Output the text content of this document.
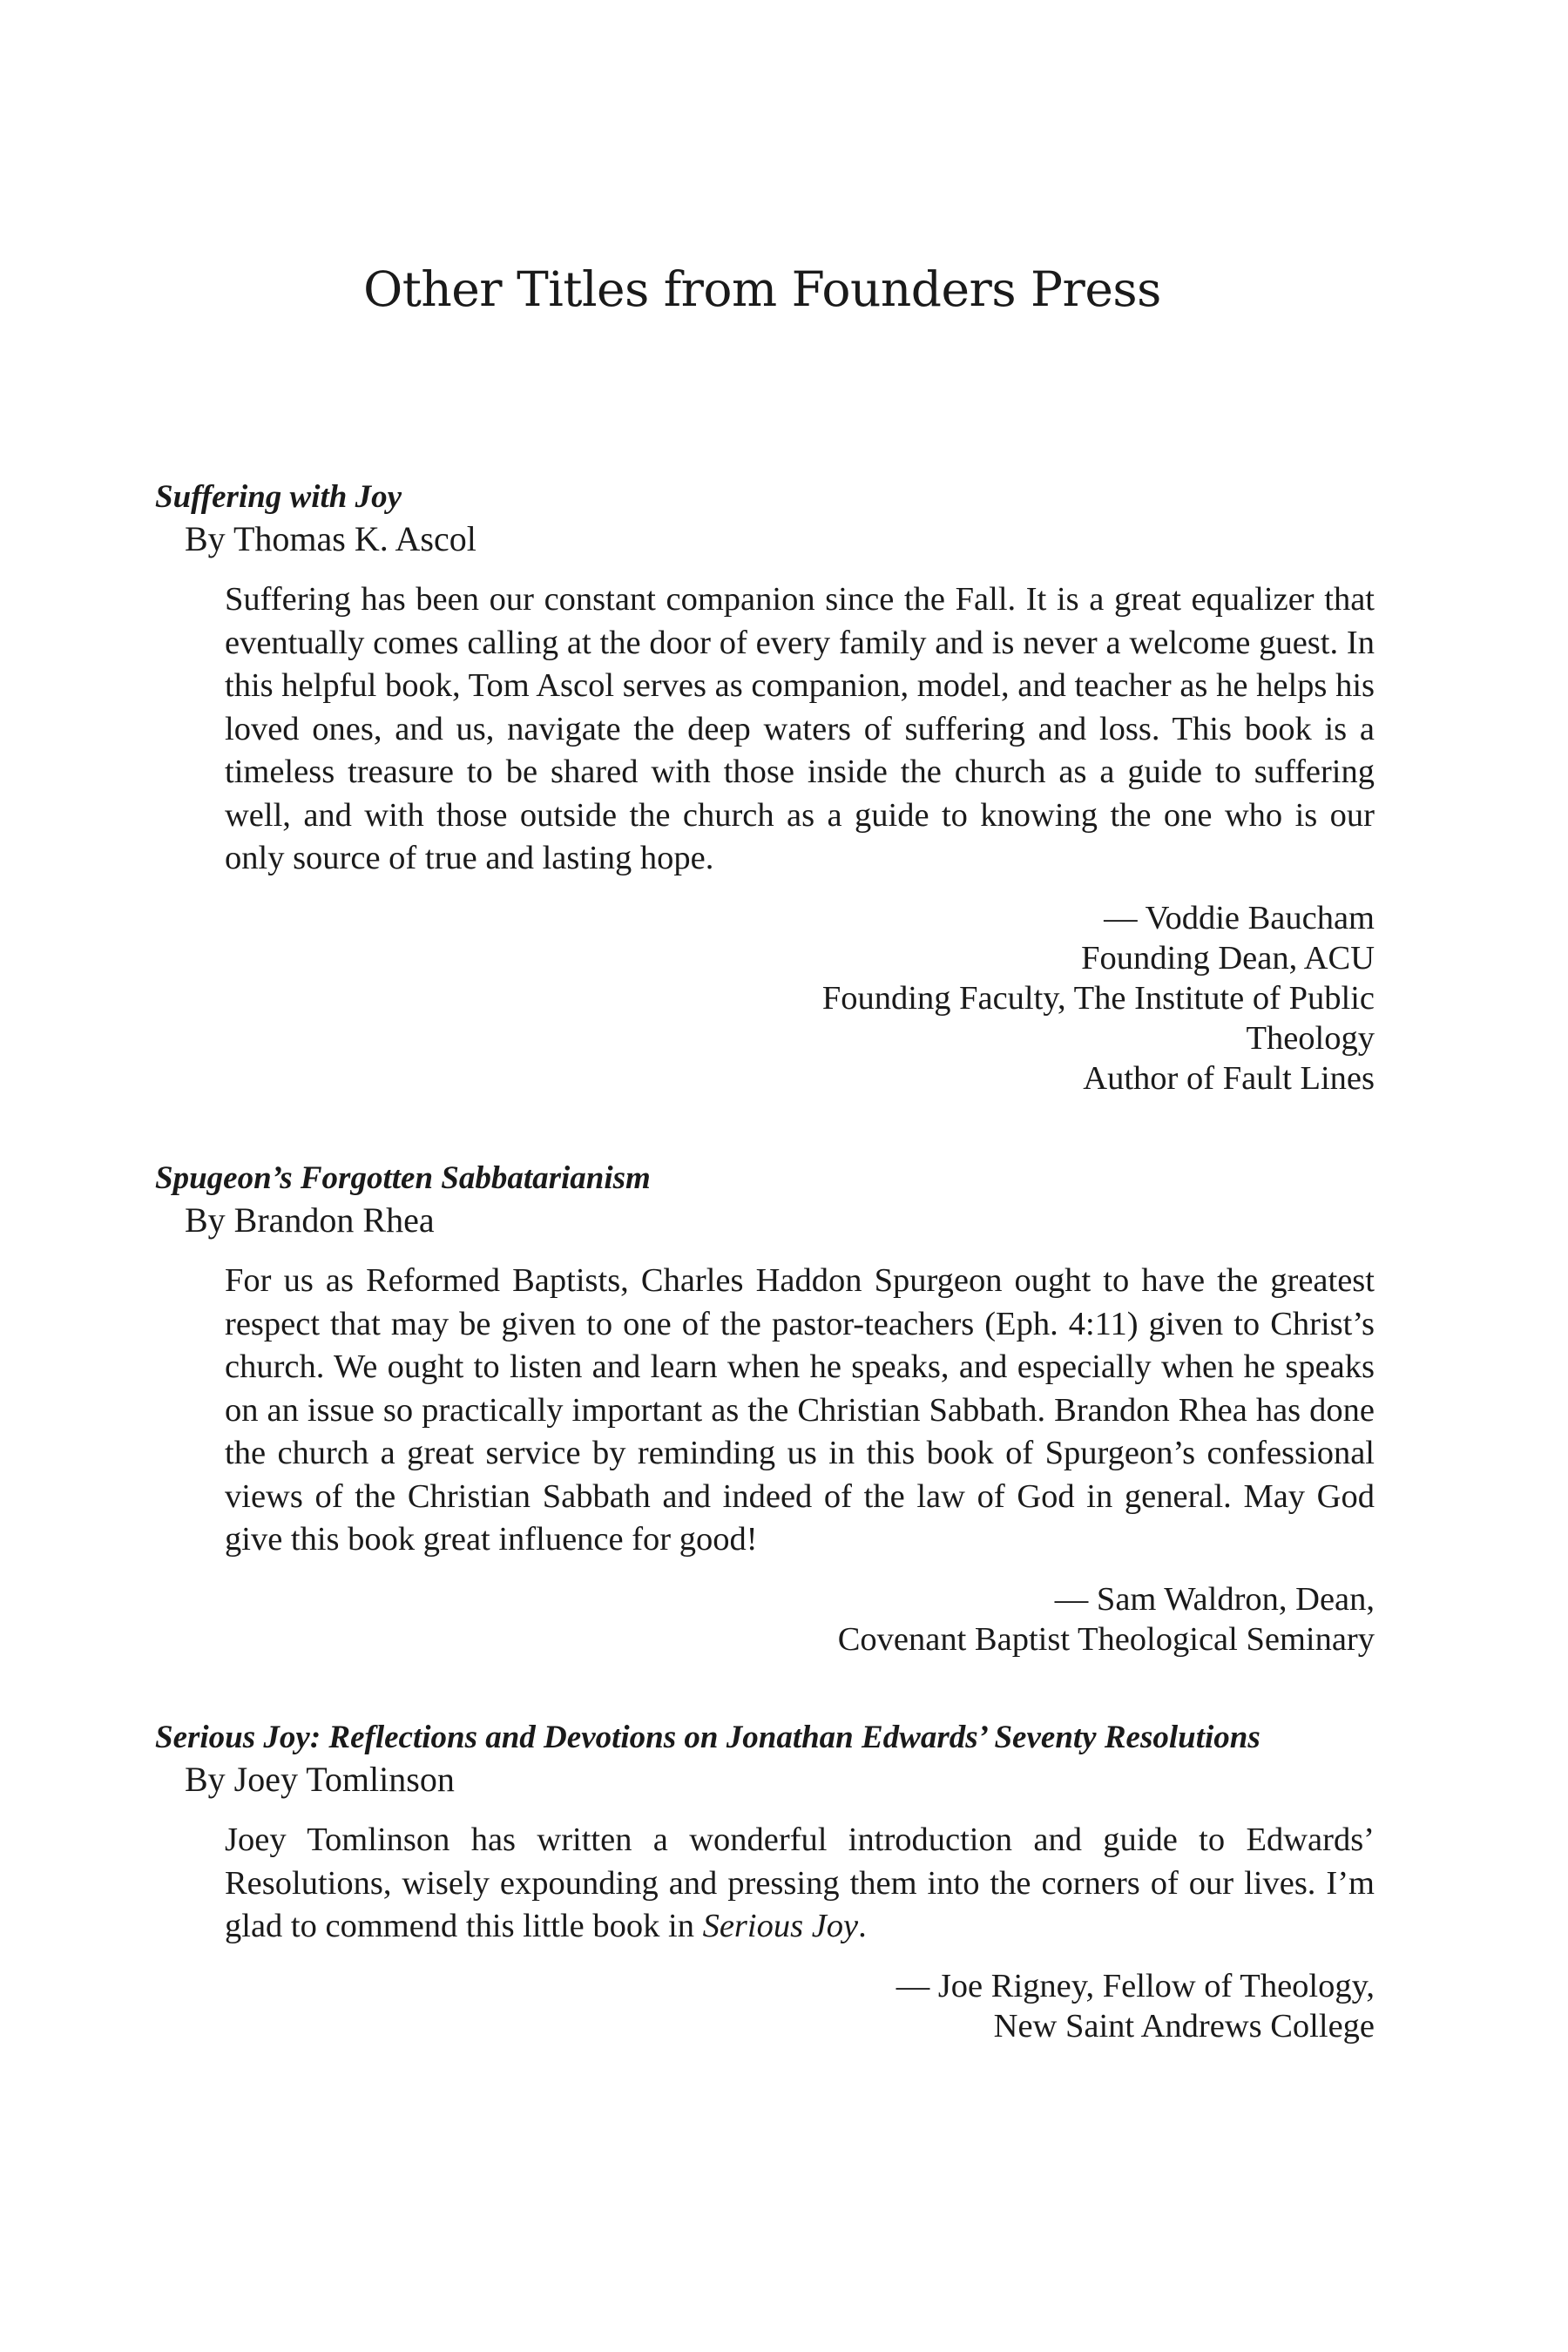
Other Titles from Founders Press
Suffering with Joy
By Thomas K. Ascol
Suffering has been our constant companion since the Fall. It is a great equalizer that eventually comes calling at the door of every family and is never a welcome guest. In this helpful book, Tom Ascol serves as companion, model, and teacher as he helps his loved ones, and us, navigate the deep waters of suffering and loss. This book is a timeless treasure to be shared with those inside the church as a guide to suffering well, and with those outside the church as a guide to knowing the one who is our only source of true and lasting hope.
— Voddie Baucham
Founding Dean, ACU
Founding Faculty, The Institute of Public
Theology
Author of Fault Lines
Spugeon’s Forgotten Sabbatarianism
By Brandon Rhea
For us as Reformed Baptists, Charles Haddon Spurgeon ought to have the greatest respect that may be given to one of the pastor-teachers (Eph. 4:11) given to Christ’s church. We ought to listen and learn when he speaks, and especially when he speaks on an issue so practically important as the Christian Sabbath. Brandon Rhea has done the church a great service by reminding us in this book of Spurgeon’s confessional views of the Christian Sabbath and indeed of the law of God in general. May God give this book great influence for good!
— Sam Waldron, Dean,
Covenant Baptist Theological Seminary
Serious Joy: Reflections and Devotions on Jonathan Edwards’ Seventy Resolutions
By Joey Tomlinson
Joey Tomlinson has written a wonderful introduction and guide to Edwards’ Resolutions, wisely expounding and pressing them into the corners of our lives. I’m glad to commend this little book in Serious Joy.
— Joe Rigney, Fellow of Theology,
New Saint Andrews College
